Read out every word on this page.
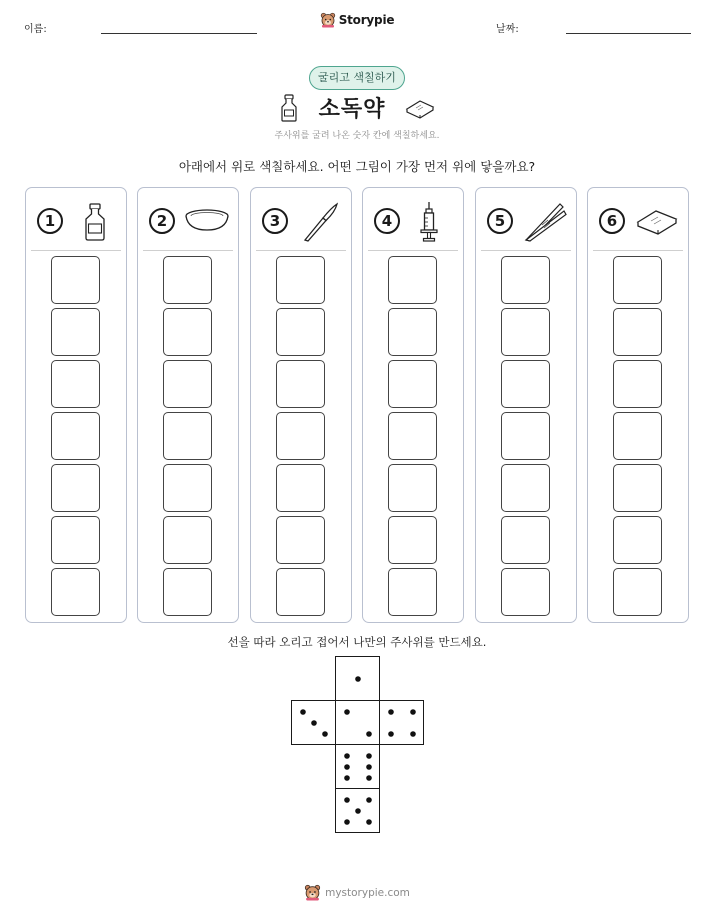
이름:	날짜:
Storypie
굴리고 색칠하기
소독약
주사위를 굴려 나온 숫자 칸에 색칠하세요.
아래에서 위로 색칠하세요. 어떤 그림이 가장 먼저 위에 닿을까요?
1	2	3	4	5	6
선을 따라 오리고 접어서 나만의 주사위를 만드세요.
mystorypie.com
